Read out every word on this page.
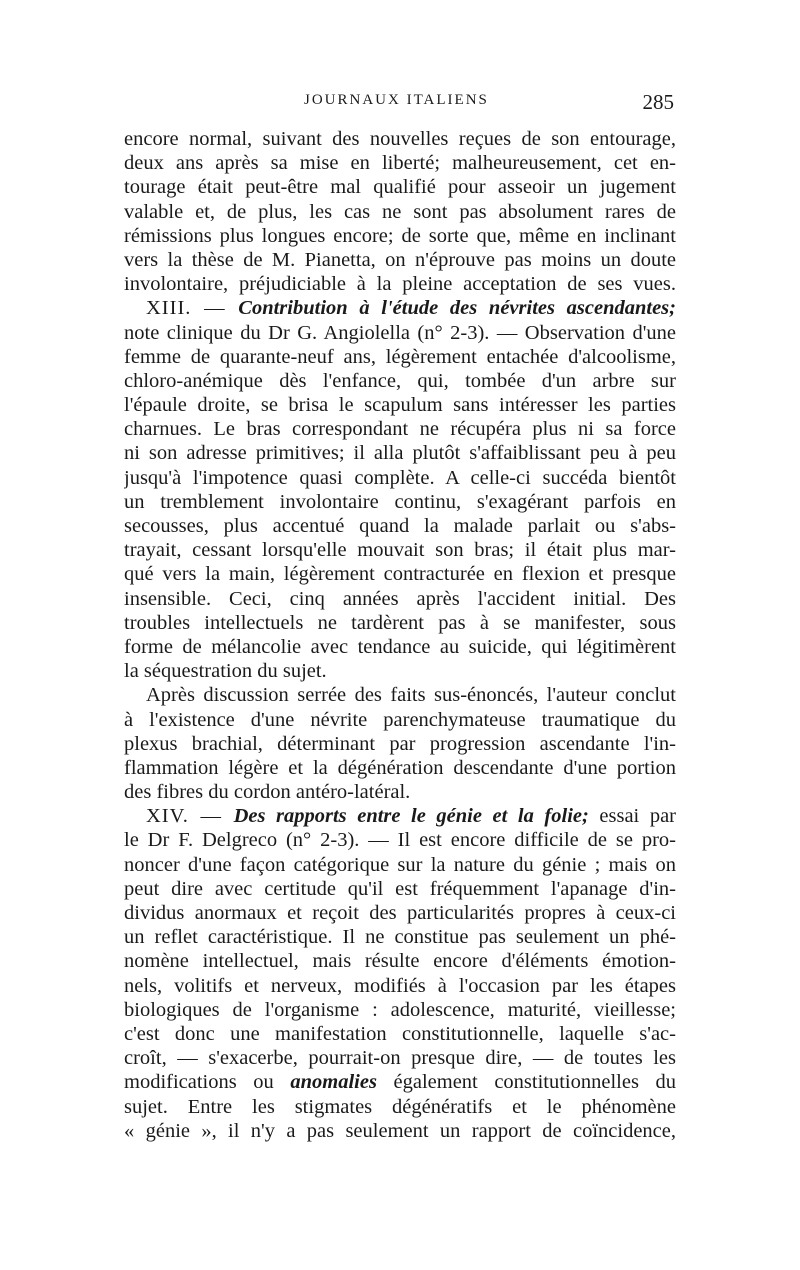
JOURNAUX ITALIENS	285
encore normal, suivant des nouvelles reçues de son entourage,
deux ans après sa mise en liberté; malheureusement, cet en-
tourage était peut-être mal qualifié pour asseoir un jugement
valable et, de plus, les cas ne sont pas absolument rares de
rémissions plus longues encore; de sorte que, même en inclinant
vers la thèse de M. Pianetta, on n'éprouve pas moins un doute
involontaire, préjudiciable à la pleine acceptation de ses vues.
XIII. — Contribution à l'étude des névrites ascendantes;
note clinique du Dr G. Angiolella (n° 2-3). — Observation d'une
femme de quarante-neuf ans, légèrement entachée d'alcoolisme,
chloro-anémique dès l'enfance, qui, tombée d'un arbre sur
l'épaule droite, se brisa le scapulum sans intéresser les parties
charnues. Le bras correspondant ne récupéra plus ni sa force
ni son adresse primitives; il alla plutôt s'affaiblissant peu à peu
jusqu'à l'impotence quasi complète. A celle-ci succéda bientôt
un tremblement involontaire continu, s'exagérant parfois en
secousses, plus accentué quand la malade parlait ou s'abs-
trayait, cessant lorsqu'elle mouvait son bras; il était plus mar-
qué vers la main, légèrement contracturée en flexion et presque
insensible. Ceci, cinq années après l'accident initial. Des
troubles intellectuels ne tardèrent pas à se manifester, sous
forme de mélancolie avec tendance au suicide, qui légitimèrent
la séquestration du sujet.
Après discussion serrée des faits sus-énoncés, l'auteur conclut
à l'existence d'une névrite parenchymateuse traumatique du
plexus brachial, déterminant par progression ascendante l'in-
flammation légère et la dégénération descendante d'une portion
des fibres du cordon antéro-latéral.
XIV. — Des rapports entre le génie et la folie; essai par
le Dr F. Delgreco (n° 2-3). — Il est encore difficile de se pro-
noncer d'une façon catégorique sur la nature du génie ; mais on
peut dire avec certitude qu'il est fréquemment l'apanage d'in-
dividus anormaux et reçoit des particularités propres à ceux-ci
un reflet caractéristique. Il ne constitue pas seulement un phé-
nomène intellectuel, mais résulte encore d'éléments émotion-
nels, volitifs et nerveux, modifiés à l'occasion par les étapes
biologiques de l'organisme : adolescence, maturité, vieillesse;
c'est donc une manifestation constitutionnelle, laquelle s'ac-
croît, — s'exacerbe, pourrait-on presque dire, — de toutes les
modifications ou anomalies également constitutionnelles du
sujet. Entre les stigmates dégénératifs et le phénomène
« génie », il n'y a pas seulement un rapport de coïncidence,
